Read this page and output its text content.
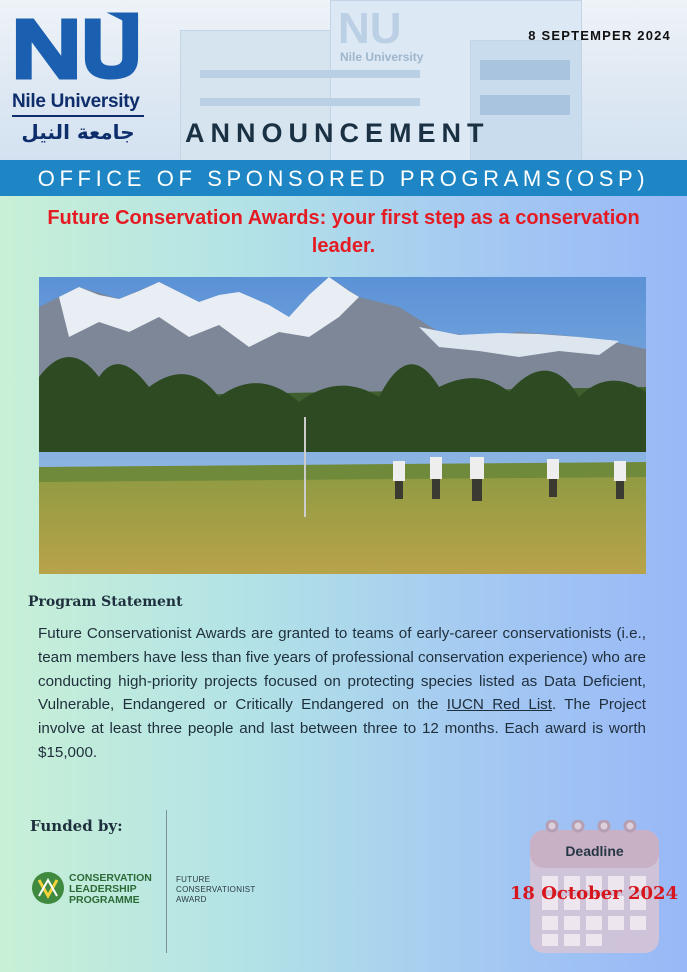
NU
Nile University
Nile University
جامعة النيل
8 SEPTEMPER 2024
ANNOUNCEMENT
OFFICE OF SPONSORED PROGRAMS(OSP)
Future Conservation Awards: your first step as a conservation leader.
Program Statement
Future Conservationist Awards are granted to teams of early-career conservationists (i.e., team members have less than five years of professional conservation experience) who are conducting high-priority projects focused on protecting species listed as Data Deficient, Vulnerable, Endangered or Critically Endangered on the IUCN Red List. The Project involve at least three people and last between three to 12 months. Each award is worth $15,000.
Funded by:
CONSERVATION
LEADERSHIP
PROGRAMME
FUTURE
CONSERVATIONIST
AWARD
Deadline
18 October 2024
